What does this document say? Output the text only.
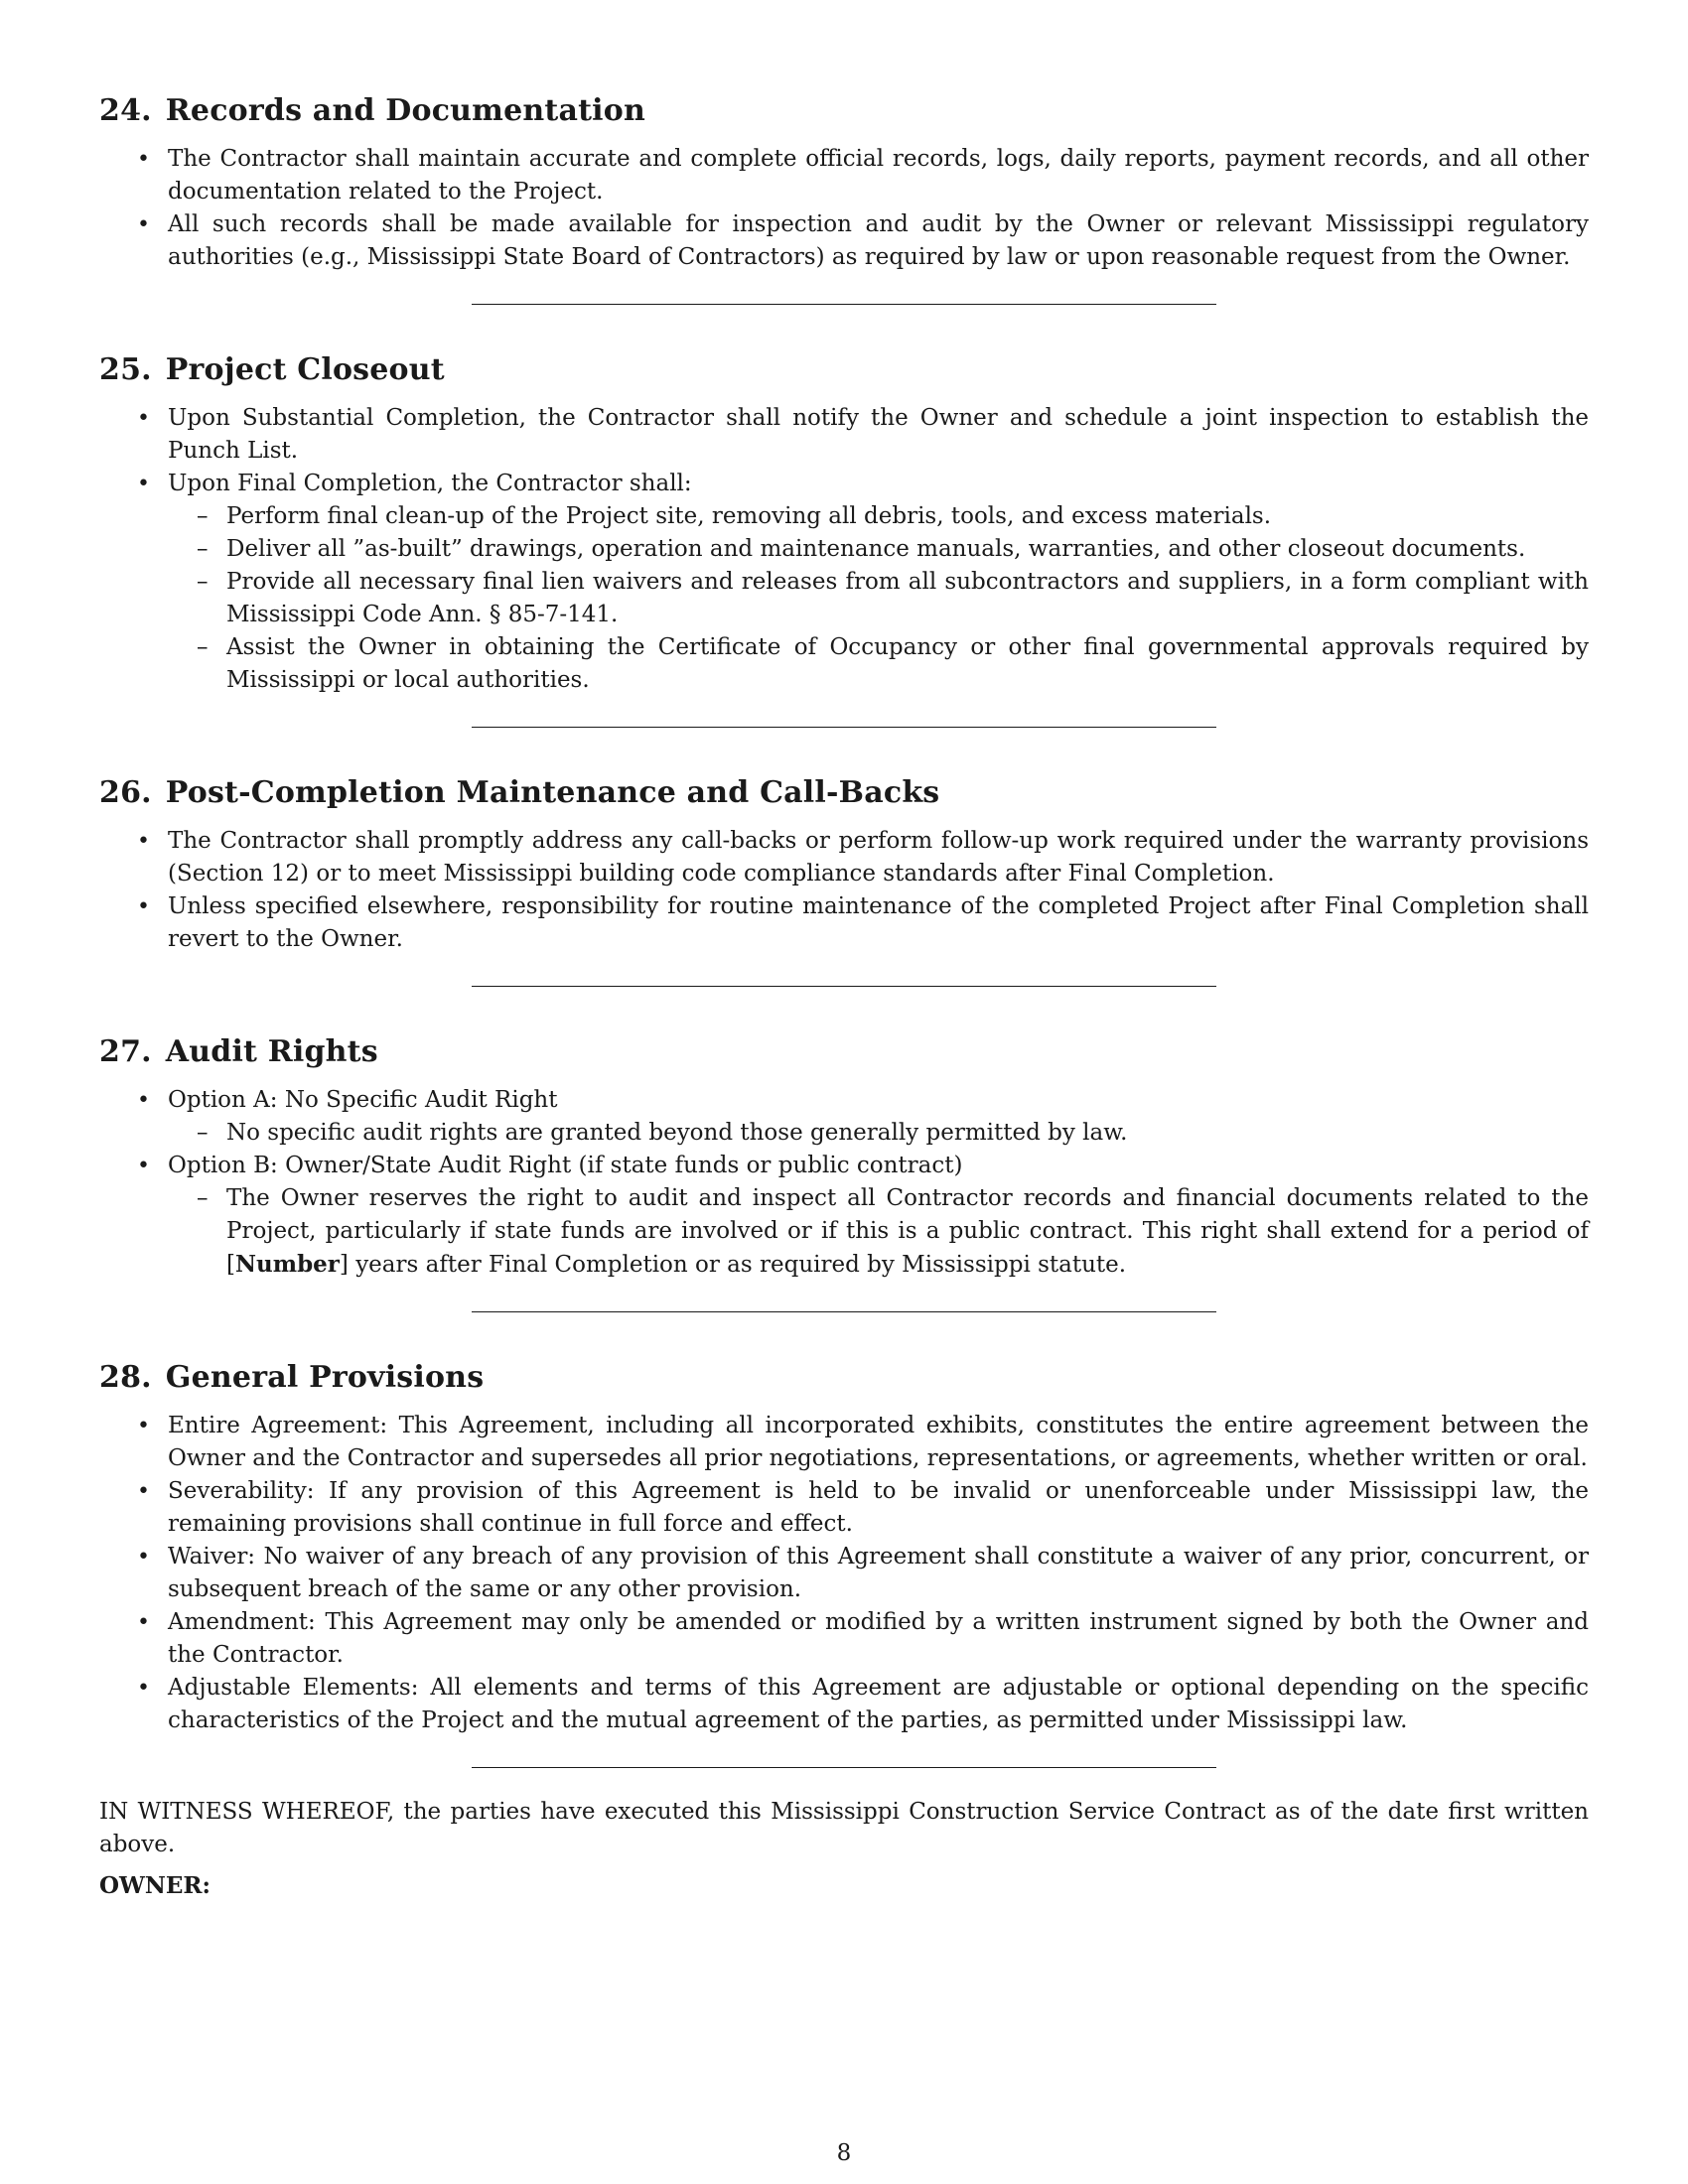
24. Records and Documentation
• The Contractor shall maintain accurate and complete official records, logs, daily reports, payment records, and all other documentation related to the Project.
• All such records shall be made available for inspection and audit by the Owner or relevant Mississippi regulatory authorities (e.g., Mississippi State Board of Contractors) as required by law or upon reasonable request from the Owner.
25. Project Closeout
• Upon Substantial Completion, the Contractor shall notify the Owner and schedule a joint inspection to establish the Punch List.
• Upon Final Completion, the Contractor shall:
– Perform final clean-up of the Project site, removing all debris, tools, and excess materials.
– Deliver all ”as-built” drawings, operation and maintenance manuals, warranties, and other closeout documents.
– Provide all necessary final lien waivers and releases from all subcontractors and suppliers, in a form compliant with Mississippi Code Ann. § 85-7-141.
– Assist the Owner in obtaining the Certificate of Occupancy or other final governmental approvals required by Mississippi or local authorities.
26. Post-Completion Maintenance and Call-Backs
• The Contractor shall promptly address any call-backs or perform follow-up work required under the warranty provisions (Section 12) or to meet Mississippi building code compliance standards after Final Completion.
• Unless specified elsewhere, responsibility for routine maintenance of the completed Project after Final Completion shall revert to the Owner.
27. Audit Rights
• Option A: No Specific Audit Right
– No specific audit rights are granted beyond those generally permitted by law.
• Option B: Owner/State Audit Right (if state funds or public contract)
– The Owner reserves the right to audit and inspect all Contractor records and financial documents related to the Project, particularly if state funds are involved or if this is a public contract. This right shall extend for a period of [Number] years after Final Completion or as required by Mississippi statute.
28. General Provisions
• Entire Agreement: This Agreement, including all incorporated exhibits, constitutes the entire agreement between the Owner and the Contractor and supersedes all prior negotiations, representations, or agreements, whether written or oral.
• Severability: If any provision of this Agreement is held to be invalid or unenforceable under Mississippi law, the remaining provisions shall continue in full force and effect.
• Waiver: No waiver of any breach of any provision of this Agreement shall constitute a waiver of any prior, concurrent, or subsequent breach of the same or any other provision.
• Amendment: This Agreement may only be amended or modified by a written instrument signed by both the Owner and the Contractor.
• Adjustable Elements: All elements and terms of this Agreement are adjustable or optional depending on the specific characteristics of the Project and the mutual agreement of the parties, as permitted under Mississippi law.

IN WITNESS WHEREOF, the parties have executed this Mississippi Construction Service Contract as of the date first written above.

OWNER:
8
